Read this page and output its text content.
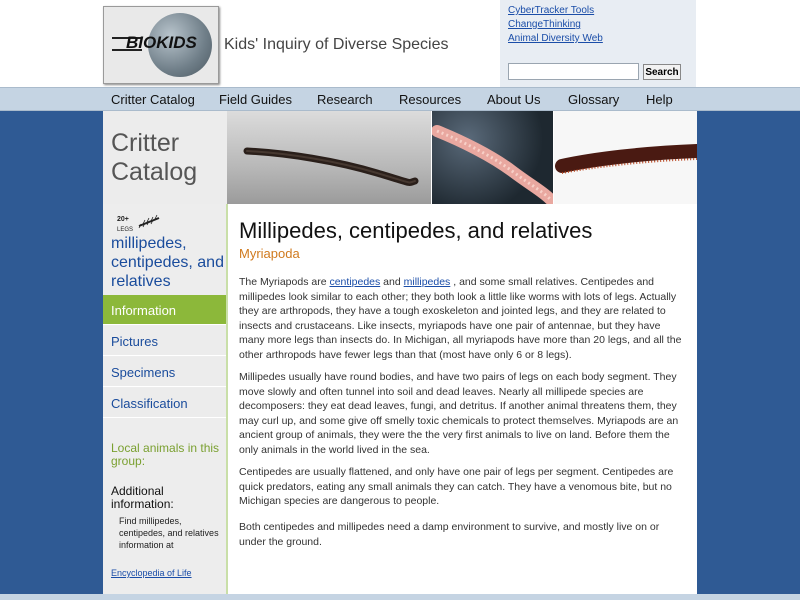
BIOKIDS Kids' Inquiry of Diverse Species
CyberTracker Tools
ChangeThinking
Animal Diversity Web
Search
Critter Catalog Field Guides Research Resources About Us Glossary Help
Critter
Catalog
20+
LEGS
millipedes, centipedes, and relatives
Information
Pictures
Specimens
Classification
Local animals in this group:
Additional information:
Find millipedes, centipedes, and relatives information at
Encyclopedia of Life
Millipedes, centipedes, and relatives
Myriapoda

The Myriapods are centipedes and millipedes , and some small relatives. Centipedes and millipedes look similar to each other; they both look a little like worms with lots of legs. Actually they are arthropods, they have a tough exoskeleton and jointed legs, and they are related to insects and crustaceans. Like insects, myriapods have one pair of antennae, but they have many more legs than insects do. In Michigan, all myriapods have more than 20 legs, and all the other arthropods have fewer legs than that (most have only 6 or 8 legs).

Millipedes usually have round bodies, and have two pairs of legs on each body segment. They move slowly and often tunnel into soil and dead leaves. Nearly all millipede species are decomposers: they eat dead leaves, fungi, and detritus. If another animal threatens them, they may curl up, and some give off smelly toxic chemicals to protect themselves. Myriapods are an ancient group of animals, they were the the very first animals to live on land. Before them the only animals in the world lived in the sea.

Centipedes are usually flattened, and only have one pair of legs per segment. Centipedes are quick predators, eating any small animals they can catch. They have a venomous bite, but no Michigan species are dangerous to people.

Both centipedes and millipedes need a damp environment to survive, and mostly live on or under the ground.
